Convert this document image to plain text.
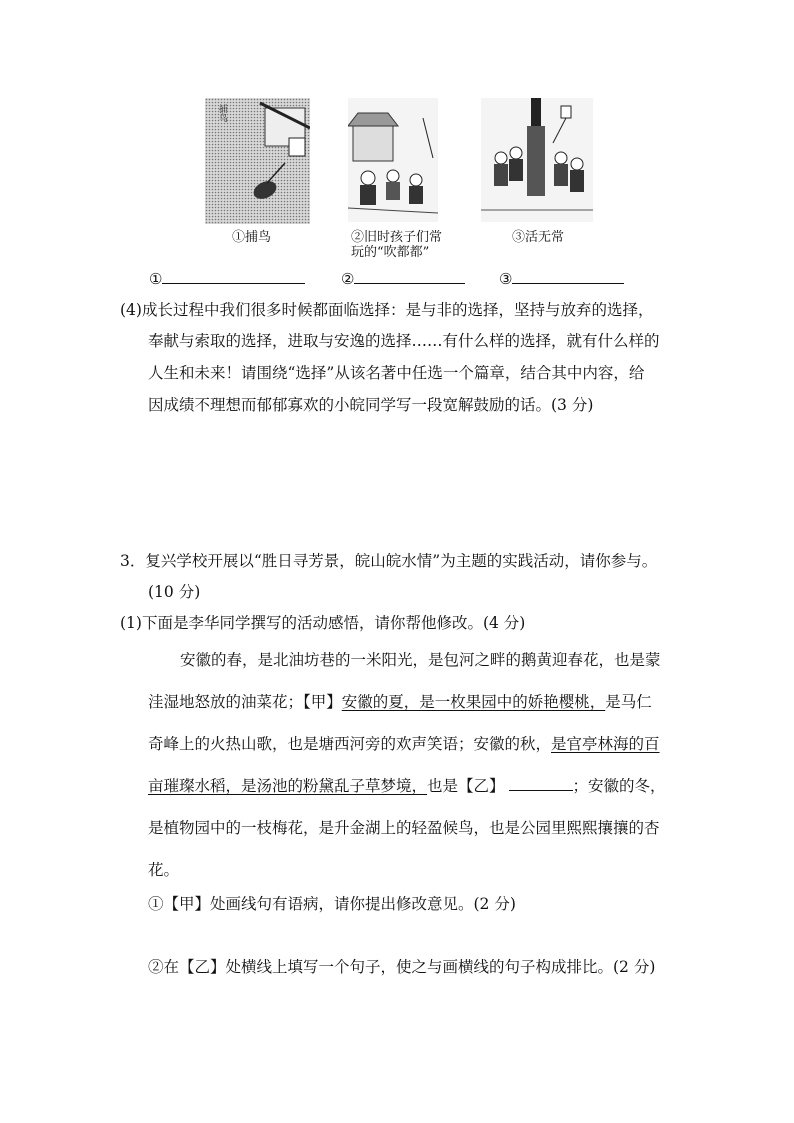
捕鸟
①捕鸟	②旧时孩子们常
玩的“吹都都”
③活无常
①	②	③
(4)成长过程中我们很多时候都面临选择：是与非的选择，坚持与放弃的选择，
奉献与索取的选择，进取与安逸的选择……有什么样的选择，就有什么样的
人生和未来！请围绕“选择”从该名著中任选一个篇章，结合其中内容，给
因成绩不理想而郁郁寡欢的小皖同学写一段宽解鼓励的话。(3 分)
3．复兴学校开展以“胜日寻芳景，皖山皖水情”为主题的实践活动，请你参与。
(10 分)
(1)下面是李华同学撰写的活动感悟，请你帮他修改。(4 分)
安徽的春，是北油坊巷的一米阳光，是包河之畔的鹅黄迎春花，也是蒙
洼湿地怒放的油菜花；【甲】安徽的夏，是一枚果园中的娇艳樱桃，是马仁
奇峰上的火热山歌，也是塘西河旁的欢声笑语；安徽的秋，是官亭林海的百
亩璀璨水稻，是汤池的粉黛乱子草梦境，也是【乙】	；安徽的冬，
是植物园中的一枝梅花，是升金湖上的轻盈候鸟，也是公园里熙熙攘攘的杏
花。
①【甲】处画线句有语病，请你提出修改意见。(2 分)
②在【乙】处横线上填写一个句子，使之与画横线的句子构成排比。(2 分)
